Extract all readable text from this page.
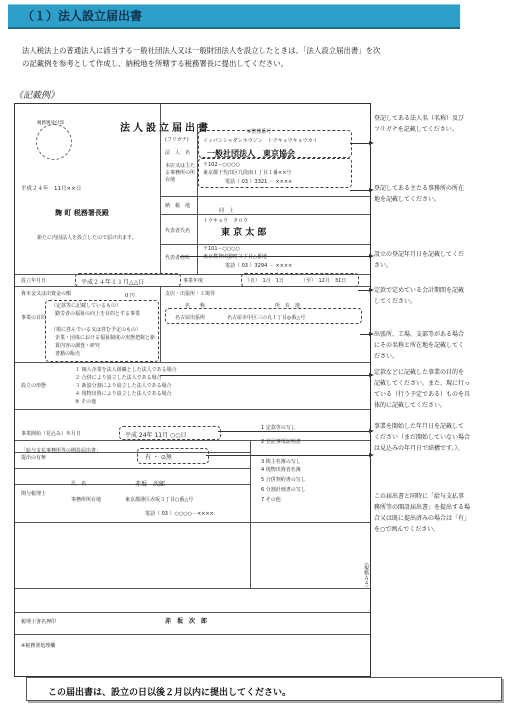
（１）法人設立届出書
法人税法上の普通法人に該当する一般社団法人又は一般財団法人を設立したときは、「法人設立届出書」を次
の記載例を参考として作成し、納税地を所轄する税務署長に提出してください。
《記載例》
※整理番号
(フリガナ)	イッパンシャダンホウジン　トウキョウキョウカイ
法　人　名 一般社団法人　東京協会
本店又は主たる事務所の所在地
〒102－○○○○
東京都千代田区九段南１丁目１番××号
電話（ 03 ）3321 － ××××
平成２４年　11月××日
納　税　地
同　上
麹 町 税務署長殿
トウキョウ　タロウ
代表者氏名	東 京 太 郎
新たに内国法人を設立したので届け出ます。
代表者住所
〒101－○○○○
東京都神田錦町３丁目△番地
電話（ 03 ）3294 － ××××
設立年月日	平成２４年１１月△△日	事業年度	（自）　1月　1日	（至）　12月　31日
資本金又は出資金の額	0 円
事業の目的
（定款等に記載しているもの）
勤労者の福祉の向上を目的とする事業
（現に営んでいる又は営む予定のもの）
企業・団体における福祉制度の実態把握と新
賃内容の調査・研究
書籍の販売
支店・出張所・工場等
名　　称	所　在　地
名古屋出張所	名古屋市中区三の丸１丁目◎番△号
設立の形態
１ 個人企業を法人組織とした法人である場合
２ 合併により設立した法人である場合
３ 新設分割により設立した法人である場合
４ 現物出資により設立した法人である場合
⑤ その他
事業開始（見込み）年月日	平成 24年 11月 ○○日
「給与支払事務所等の開設届出書」提出の有無	有 ・ ⊙無
1 定款等の写し
2 登記事項証明書
3 株主名簿の写し
4 現物出資者名簿
5 合併契約書の写し
6 分割計画書の写し
7 その他
関与税理士
氏　名	赤坂　次郎
事務所所在地	東京都港区赤坂３丁目○番△号
電話（ 03 ）○○○○－××××
税理士署名押印	赤　坂　次　郎
※税務署処理欄
法人設立届出書
税務署受付印
（規格Ａ４）
登記してある法人名（名称）及び
フリガナを記載してください。
登記してある主たる事務所の所在
地を記載してください。
設立の登記年月日を記載してくだ
さい。
定款で定めている会計期間を記載
してください。
出張所、工場、支部等がある場合
にその名称と所在地を記載してく
ださい。
定款などに記載した事業の目的を
記載してください。また、現に行っ
ている（行う予定である）ものを具
体的に記載してください。
事業を開始した年月日を記載して
ください（まだ開始していない場合
は見込みの年月日で結構です。）。
この届出書と同時に「給与支払事
務所等の開設届出書」を提出する場
合又は既に提出済みの場合は「有」
を○で囲んでください。
この届出書は、設立の日以後２月以内に提出してください。
